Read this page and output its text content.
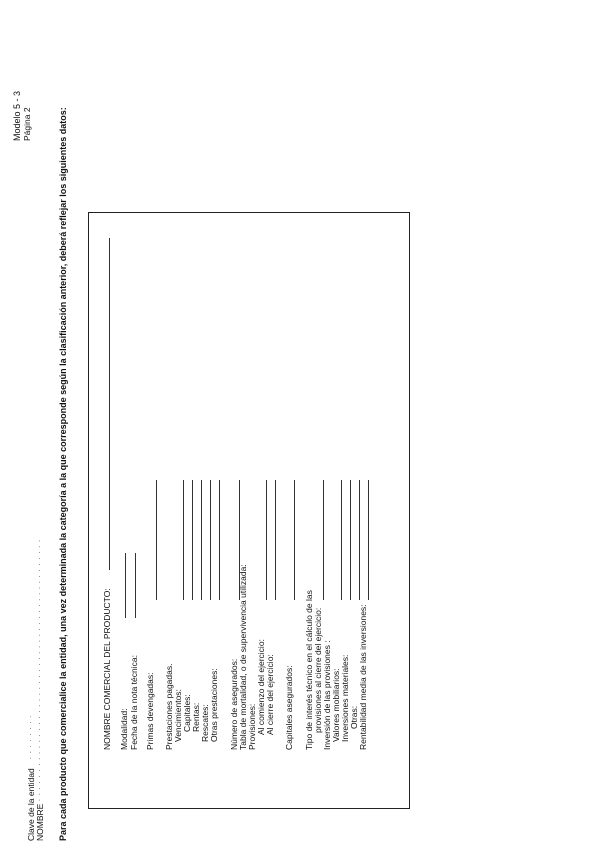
Modelo 5 - 3 Página 2
Clave de la entidad
. . . . . . . .
NOMBRE
. . . . . . . . . . . . . . . . . . . . . . . . . . . . . . . . . . . . . . . . . . . . . Para cada producto que comercialice la entidad, una vez determinada la categoría a la que corresponde según la clasificación anterior, deberá reflejar los siguientes datos:	NOMBRE COMERCIAL DEL PRODUCTO: Modalidad: Fecha de la nota técnica: Primas devengadas: Prestaciones pagadas. Vencimientos: Capitales: Rentas: Rescates: Otras prestaciones: Número de asegurados: Tabla de mortalidad, o de supervivencia utilizada: Provisiones: Al comienzo del ejercicio: Al cierre del ejercicio: Capitales asegurados: Tipo de interés técnico en el cálculo de las provisiones al cierre del ejercicio: Inversión de las provisiones : Valores mobiliarios: Inversiones materiales: Otras: Rentabilidad media de las inversiones:
